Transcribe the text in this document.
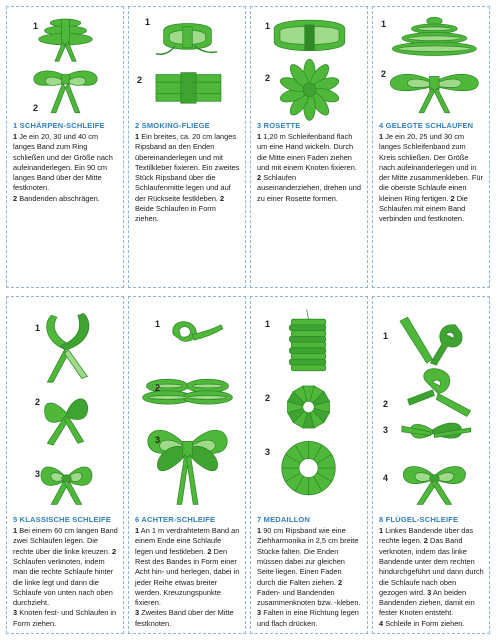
1
2
1 SCHÄRPEN-SCHLEIFE

1 Je ein 20, 30 und 40 cm langes Band zum Ring schließen und der Größe nach aufeinanderlegen. Ein 90 cm langes Band über der Mitte festknoten.

2 Bandenden abschrägen.

1
2
2 SMOKING-FLIEGE

1 Ein breites, ca. 20 cm langes Ripsband an den Enden übereinanderlegen und mit Textilkleber fixieren. Ein zweites Stück Ripsband über die Schlaufenmitte legen und auf der Rückseite festkleben. 2 Beide Schlaufen in Form ziehen.

1
2
3 ROSETTE

1 1,20 m Schleifenband flach um eine Hand wickeln. Durch die Mitte einen Faden ziehen und mit einem Knoten fixieren.

2 Schlaufen auseinanderziehen, drehen und zu einer Rosette formen.

1
2
4 GELEGTE SCHLAUFEN

1 Je ein 20, 25 und 30 cm langes Schleifenband zum Kreis schließen. Der Größe nach aufeinanderlegen und in der Mitte zusammenkleben. Für die oberste Schlaufe einen kleinen Ring fertigen. 2 Die Schlaufen mit einem Band verbinden und festknoten.

1
2
3
5 KLASSISCHE SCHLEIFE

1 Bei einem 60 cm langen Band zwei Schlaufen legen. Die rechte über die linke kreuzen. 2 Schlaufen verknoten, indem man die rechte Schlaufe hinter die linke legt und dann die Schlaufe von unten nach oben durchzieht.

3 Knoten fest- und Schlaufen in Form ziehen.

1
2
3
6 ACHTER-SCHLEIFE

1 An 1 m verdrahtetem Band an einem Ende eine Schlaufe legen und festkleben. 2 Den Rest des Bandes in Form einer Acht hin- und herlegen, dabei in jeder Reihe etwas breiter werden. Kreuzungspunkte fixieren.

3 Zweites Band über der Mitte festknoten.

1
2
3
7 MEDAILLON

1 90 cm Ripsband wie eine Ziehharmonika in 2,5 cm breite Stücke falten. Die Enden müssen dabei zur gleichen Seite liegen. Einen Faden durch die Falten ziehen. 2 Faden- und Bandenden zusammenknoten bzw. -kleben.

3 Falten in eine Richtung legen und flach drücken.

1
2
3
4
8 FLÜGEL-SCHLEIFE

1 Linkes Bandende über das rechte legen. 2 Das Band verknoten, indem das linke Bandende unter dem rechten hindurchgeführt und dann durch die Schlaufe nach oben gezogen wird. 3 An beiden Bandenden ziehen, damit ein fester Knoten entsteht.

4 Schleife in Form ziehen.
